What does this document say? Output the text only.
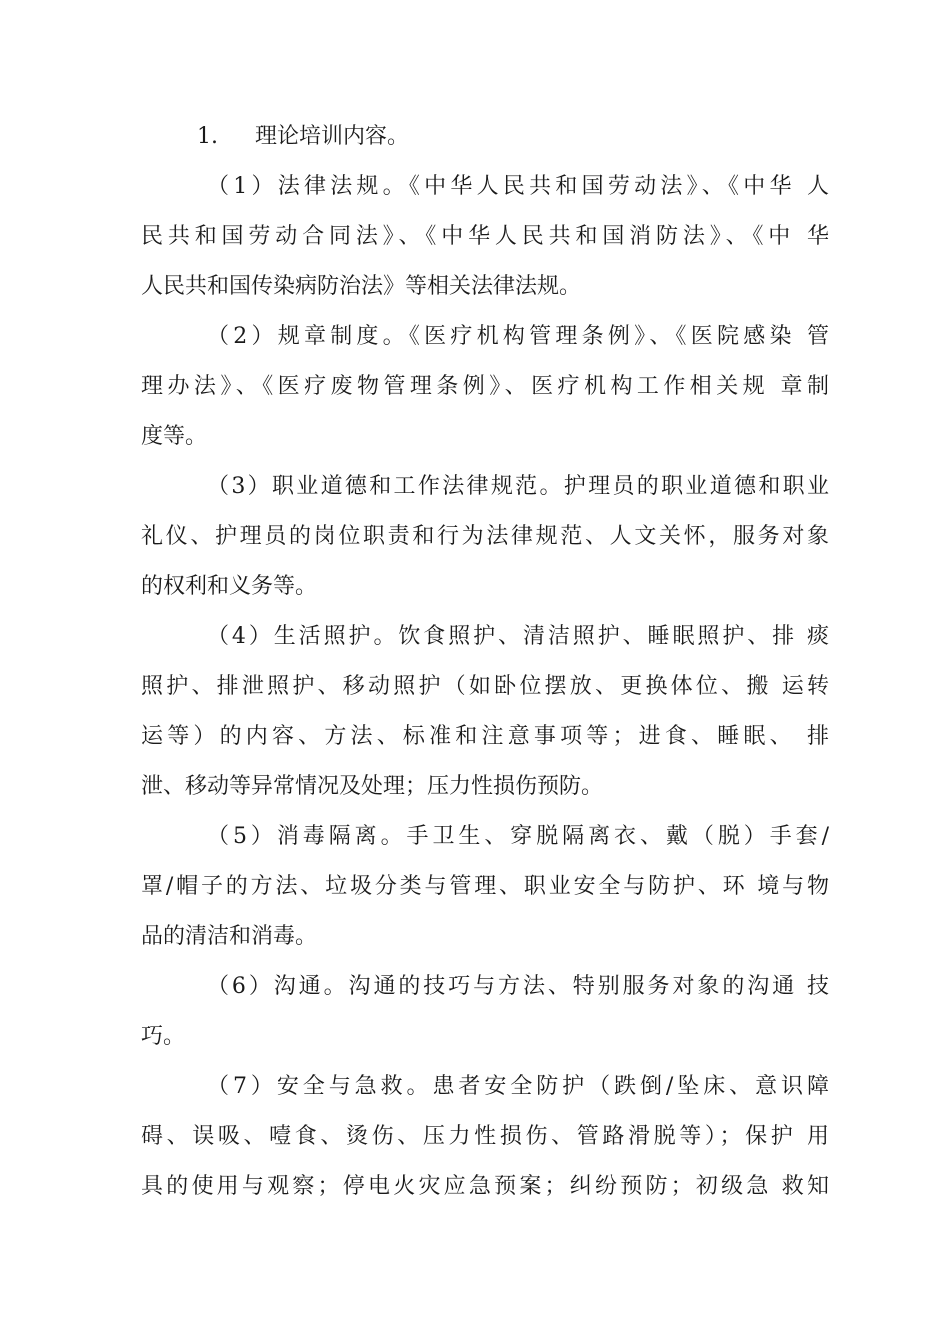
1. 理论培训内容。
（1）法律法规。《中华人民共和国劳动法》、《中华 人
民共和国劳动合同法》、《中华人民共和国消防法》、《中 华
人民共和国传染病防治法》等相关法律法规。
（2）规章制度。《医疗机构管理条例》、《医院感染 管
理办法》、《医疗废物管理条例》、医疗机构工作相关规 章制
度等。
（3）职业道德和工作法律规范。护理员的职业道德和职业
礼仪、护理员的岗位职责和行为法律规范、人文关怀，服务对象
的权利和义务等。
（4）生活照护。饮食照护、清洁照护、睡眠照护、排 痰
照护、排泄照护、移动照护（如卧位摆放、更换体位、搬 运转
运等）的内容、方法、标准和注意事项等；进食、睡眠、 排
泄、移动等异常情况及处理；压力性损伤预防。
（5）消毒隔离。手卫生、穿脱隔离衣、戴（脱）手套/
罩/帽子的方法、垃圾分类与管理、职业安全与防护、环 境与物
品的清洁和消毒。
（6）沟通。沟通的技巧与方法、特别服务对象的沟通 技
巧。
（7）安全与急救。患者安全防护（跌倒/坠床、意识障
碍、误吸、噎食、烫伤、压力性损伤、管路滑脱等）；保护 用
具的使用与观察；停电火灾应急预案；纠纷预防；初级急 救知
